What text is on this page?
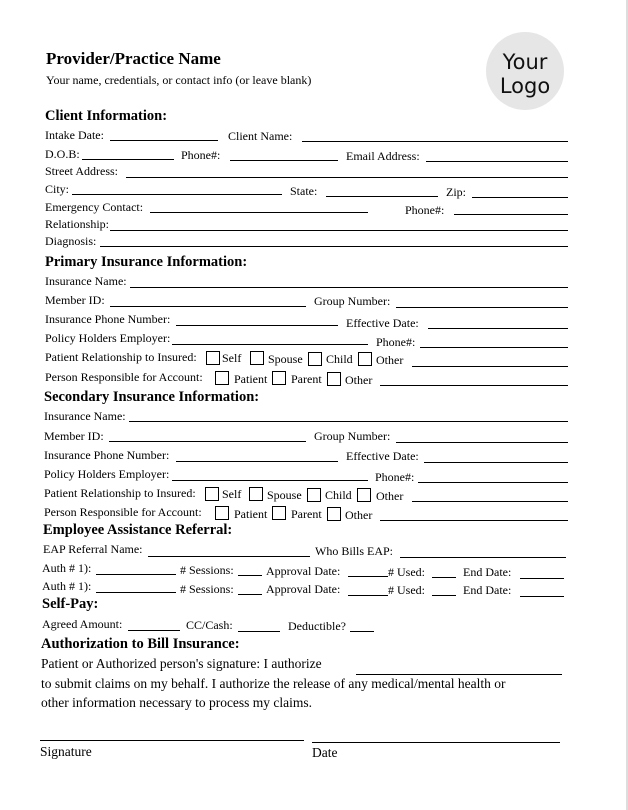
Provider/Practice Name
Your name, credentials, or contact info (or leave blank)
Your
Logo
Client Information:
Intake Date:	Client Name:
D.O.B:	Phone#:	Email Address:
Street Address:
City:	State:	Zip:
Emergency Contact:	Phone#:
Relationship:
Diagnosis:
Primary Insurance Information:
Insurance Name:
Member ID:	Group Number:
Insurance Phone Number:	Effective Date:
Policy Holders Employer:	Phone#:
Patient Relationship to Insured: Self Spouse Child Other
Person Responsible for Account:	Patient Parent Other
Secondary Insurance Information:
Insurance Name:
Member ID:	Group Number:
Insurance Phone Number:	Effective Date:
Policy Holders Employer:	Phone#:
Patient Relationship to Insured: Self Spouse Child Other
Person Responsible for Account:	Patient Parent Other
Employee Assistance Referral:
EAP Referral Name:	Who Bills EAP:
Auth # 1):	# Sessions:	Approval Date:	# Used:	End Date:
Auth # 1):	# Sessions:	Approval Date:	# Used:	End Date:
Self-Pay:
Agreed Amount:	CC/Cash:	Deductible?
Authorization to Bill Insurance:
Patient or Authorized person's signature: I authorize
to submit claims on my behalf. I authorize the release of any medical/mental health or
other information necessary to process my claims.
Signature	Date
